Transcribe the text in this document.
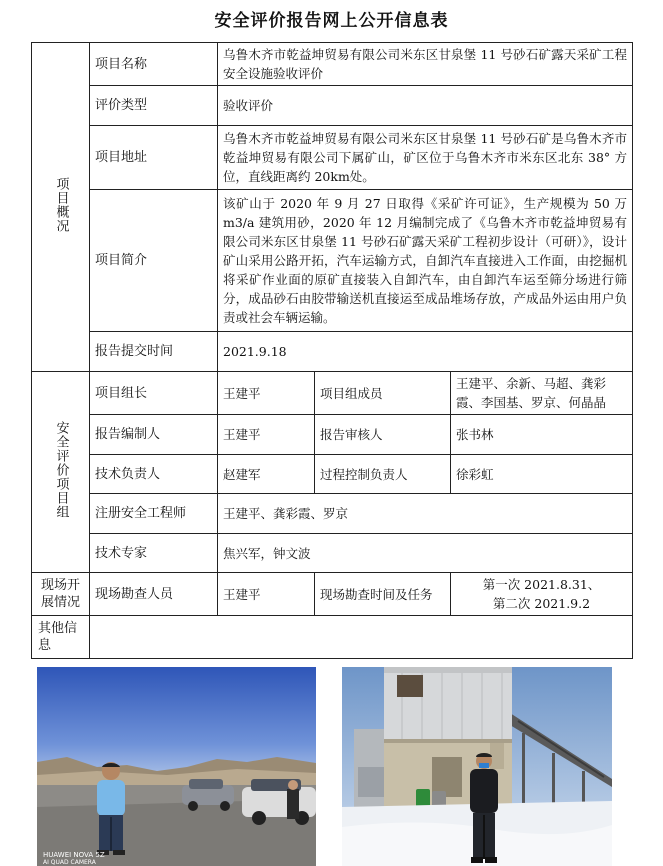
安全评价报告网上公开信息表
项目概况	项目名称	乌鲁木齐市乾益坤贸易有限公司米东区甘泉堡 11 号砂石矿露天采矿工程安全设施验收评价		
	评价类型	验收评价		
	项目地址	乌鲁木齐市乾益坤贸易有限公司米东区甘泉堡 11 号砂石矿是乌鲁木齐市乾益坤贸易有限公司下属矿山，矿区位于乌鲁木齐市米东区北东 38° 方位，直线距离约 20km处。		
	项目简介	该矿山于 2020 年 9 月 27 日取得《采矿许可证》，生产规模为 50 万m3/a 建筑用砂，2020 年 12 月编制完成了《乌鲁木齐市乾益坤贸易有限公司米东区甘泉堡 11 号砂石矿露天采矿工程初步设计（可研）》，设计矿山采用公路开拓，汽车运输方式，自卸汽车直接进入工作面，由挖掘机将采矿作业面的原矿直接装入自卸汽车，由自卸汽车运至筛分场进行筛分，成品砂石由胶带输送机直接运至成品堆场存放，产成品外运由用户负责或社会车辆运输。		
	报告提交时间	2021.9.18		

安全评价项目组	项目组长	王建平	项目组成员	王建平、余新、马超、龚彩霞、李国基、罗京、何晶晶
	报告编制人	王建平	报告审核人	张书林
	技术负责人	赵建军	过程控制负责人	徐彩虹
	注册安全工程师	王建平、龚彩霞、罗京		
	技术专家	焦兴军，钟文波		
现场开展情况	现场勘查人员	王建平	现场勘查时间及任务	第一次 2021.8.31、
第二次 2021.9.2

其他信息				
HUAWEI NOVA 5Z
AI QUAD CAMERA
